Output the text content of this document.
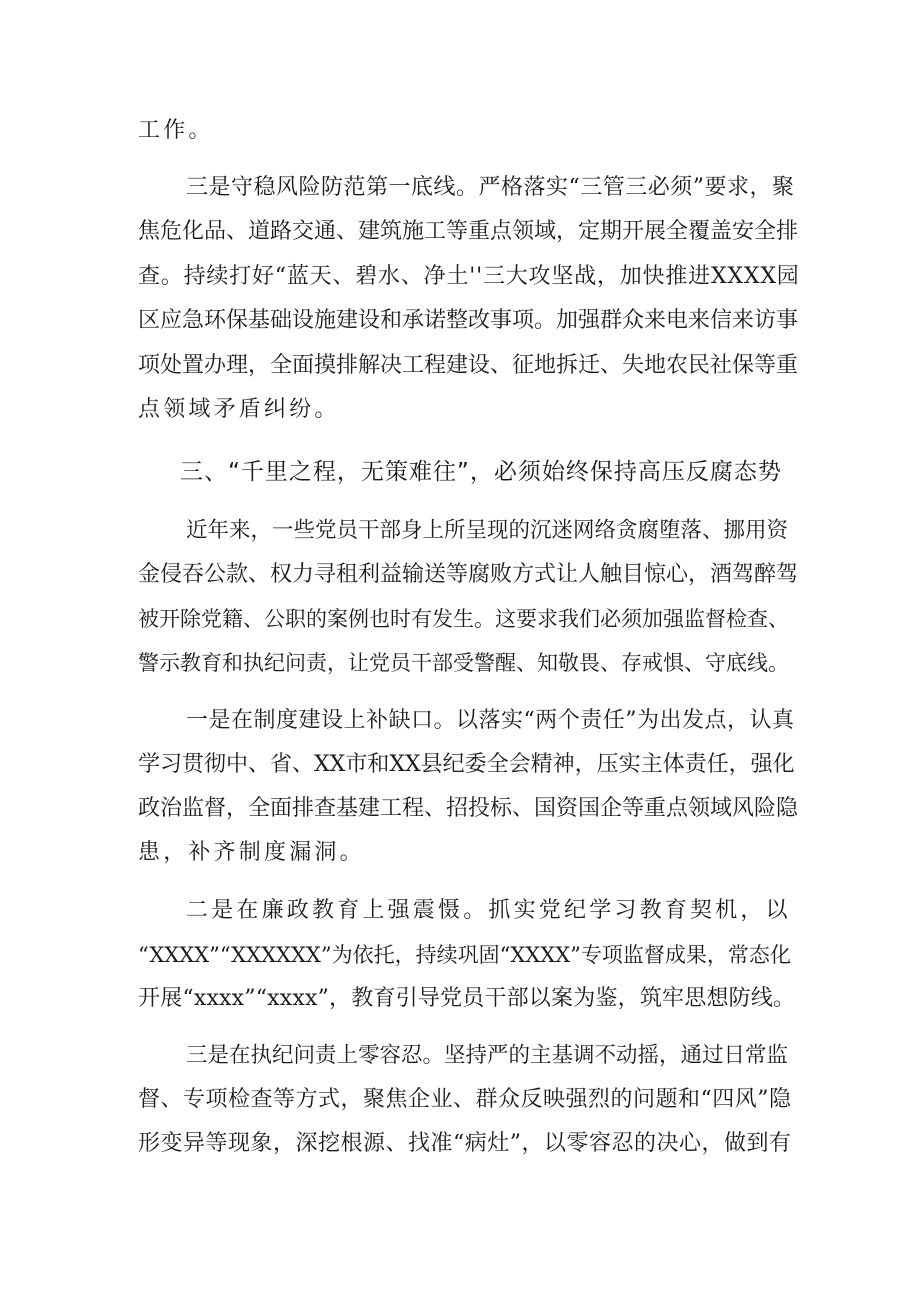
工作。
三是守稳风险防范第一底线。严格落实“三管三必须”要求，聚
焦危化品、道路交通、建筑施工等重点领域，定期开展全覆盖安全排
查。持续打好“蓝天、碧水、净土''三大攻坚战，加快推进XXXX园
区应急环保基础设施建设和承诺整改事项。加强群众来电来信来访事
项处置办理，全面摸排解决工程建设、征地拆迁、失地农民社保等重
点领域矛盾纠纷。
三、“千里之程，无策难往”，必须始终保持高压反腐态势
近年来，一些党员干部身上所呈现的沉迷网络贪腐堕落、挪用资
金侵吞公款、权力寻租利益输送等腐败方式让人触目惊心，酒驾醉驾
被开除党籍、公职的案例也时有发生。这要求我们必须加强监督检查、
警示教育和执纪问责，让党员干部受警醒、知敬畏、存戒惧、守底线。
一是在制度建设上补缺口。以落实“两个责任”为出发点，认真
学习贯彻中、省、XX市和XX县纪委全会精神，压实主体责任，强化
政治监督，全面排查基建工程、招投标、国资国企等重点领域风险隐
患，补齐制度漏洞。
二是在廉政教育上强震慑。抓实党纪学习教育契机，以
“XXXX”“XXXXXX”为依托，持续巩固“XXXX”专项监督成果，常态化
开展“xxxx”“xxxx”，教育引导党员干部以案为鉴，筑牢思想防线。
三是在执纪问责上零容忍。坚持严的主基调不动摇，通过日常监
督、专项检查等方式，聚焦企业、群众反映强烈的问题和“四风”隐
形变异等现象，深挖根源、找准“病灶”，以零容忍的决心，做到有
